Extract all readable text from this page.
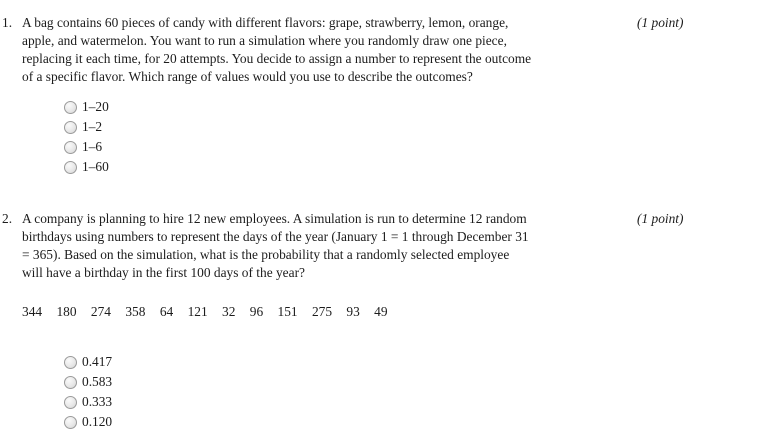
1. A bag contains 60 pieces of candy with different flavors: grape, strawberry, lemon, orange,
apple, and watermelon. You want to run a simulation where you randomly draw one piece,
replacing it each time, for 20 attempts. You decide to assign a number to represent the outcome
of a specific flavor. Which range of values would you use to describe the outcomes?
1–20
1–2
1–6
1–60
(1 point)
2. A company is planning to hire 12 new employees. A simulation is run to determine 12 random
birthdays using numbers to represent the days of the year (January 1 = 1 through December 31
= 365). Based on the simulation, what is the probability that a randomly selected employee
will have a birthday in the first 100 days of the year?
344 180 274 358 64 121 32 96 151 275 93 49
0.417
0.583
0.333
0.120
(1 point)
